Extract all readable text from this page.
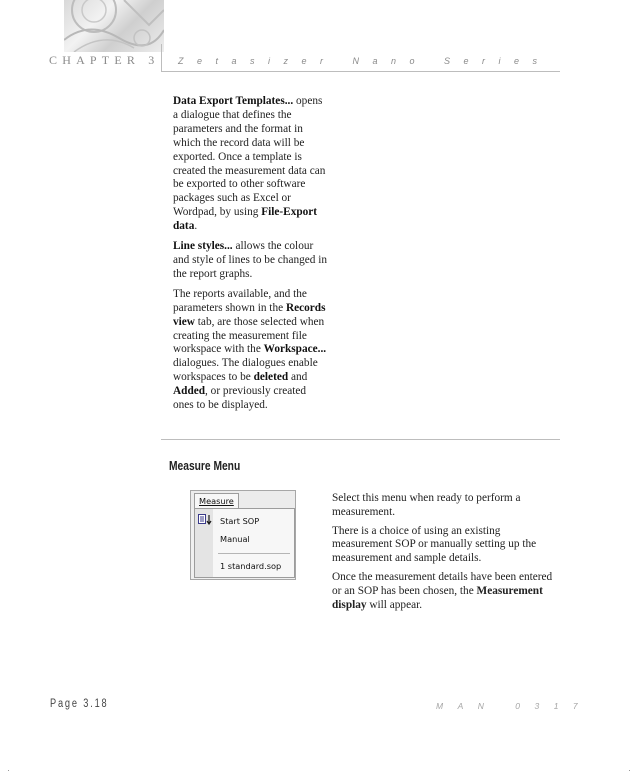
CHAPTER 3 Zetasizer Nano Series

Data Export Templates... opens a dialogue that defines the parameters and the format in which the record data will be exported. Once a template is created the measurement data can be exported to other software packages such as Excel or Wordpad, by using File-Export data.

Line styles... allows the colour and style of lines to be changed in the report graphs.

The reports available, and the parameters shown in the Records view tab, are those selected when creating the measurement file workspace with the Workspace... dialogues. The dialogues enable workspaces to be deleted and Added, or previously created ones to be displayed.

Measure Menu
Measure
Start SOP
Manual
1 standard.sop

Select this menu when ready to perform a measurement.

There is a choice of using an existing measurement SOP or manually setting up the measurement and sample details.

Once the measurement details have been entered or an SOP has been chosen, the Measurement display will appear.

Page 3.18	MAN 0317
